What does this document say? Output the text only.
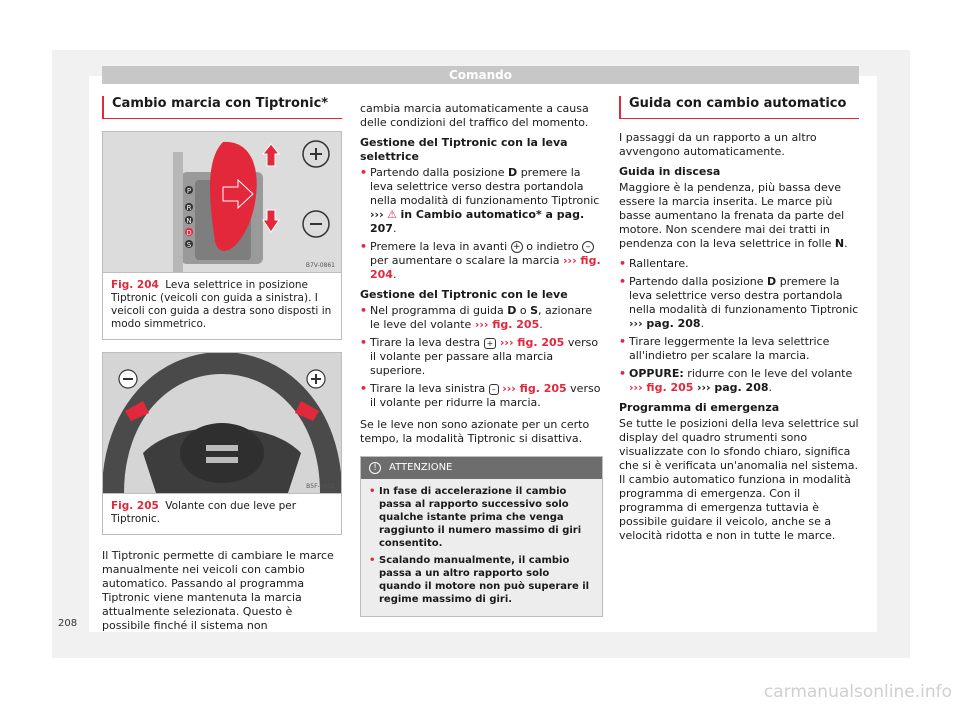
Comando
Cambio marcia con Tiptronic*
P
R
N
D
S
B7V-0861
Fig. 204 Leva selettrice in posizione Tiptronic (veicoli con guida a sinistra). I veicoli con guida a destra sono disposti in modo simmetrico.
B5F-0402
Fig. 205 Volante con due leve per Tiptronic.

Il Tiptronic permette di cambiare le marce manualmente nei veicoli con cambio automatico. Passando al programma Tiptronic viene mantenuta la marcia attualmente selezionata. Questo è possibile finché il sistema non

cambia marcia automaticamente a causa delle condizioni del traffico del momento.

Gestione del Tiptronic con la leva selettrice
• Partendo dalla posizione D premere la leva selettrice verso destra portandola nella modalità di funzionamento Tiptronic ››› ⚠ in Cambio automatico* a pag. 207.
• Premere la leva in avanti + o indietro – per aumentare o scalare la marcia ››› fig. 204.
Gestione del Tiptronic con le leve
• Nel programma di guida D o S, azionare le leve del volante ››› fig. 205.
• Tirare la leva destra + ››› fig. 205 verso il volante per passare alla marcia superiore.
• Tirare la leva sinistra – ››› fig. 205 verso il volante per ridurre la marcia.

Se le leve non sono azionate per un certo tempo, la modalità Tiptronic si disattiva.

!	ATTENZIONE
• In fase di accelerazione il cambio passa al rapporto successivo solo qualche istante prima che venga raggiunto il numero massimo di giri consentito.
• Scalando manualmente, il cambio passa a un altro rapporto solo quando il motore non può superare il regime massimo di giri.
Guida con cambio automatico

I passaggi da un rapporto a un altro avvengono automaticamente.

Guida in discesa

Maggiore è la pendenza, più bassa deve essere la marcia inserita. Le marce più basse aumentano la frenata da parte del motore. Non scendere mai dei tratti in pendenza con la leva selettrice in folle N.

• Rallentare.
• Partendo dalla posizione D premere la leva selettrice verso destra portandola nella modalità di funzionamento Tiptronic ››› pag. 208.
• Tirare leggermente la leva selettrice all'indietro per scalare la marcia.
• OPPURE: ridurre con le leve del volante ››› fig. 205 ››› pag. 208.
Programma di emergenza

Se tutte le posizioni della leva selettrice sul display del quadro strumenti sono visualizzate con lo sfondo chiaro, significa che si è verificata un'anomalia nel sistema. Il cambio automatico funziona in modalità programma di emergenza. Con il programma di emergenza tuttavia è possibile guidare il veicolo, anche se a velocità ridotta e non in tutte le marce.

208
carmanualsonline.info
